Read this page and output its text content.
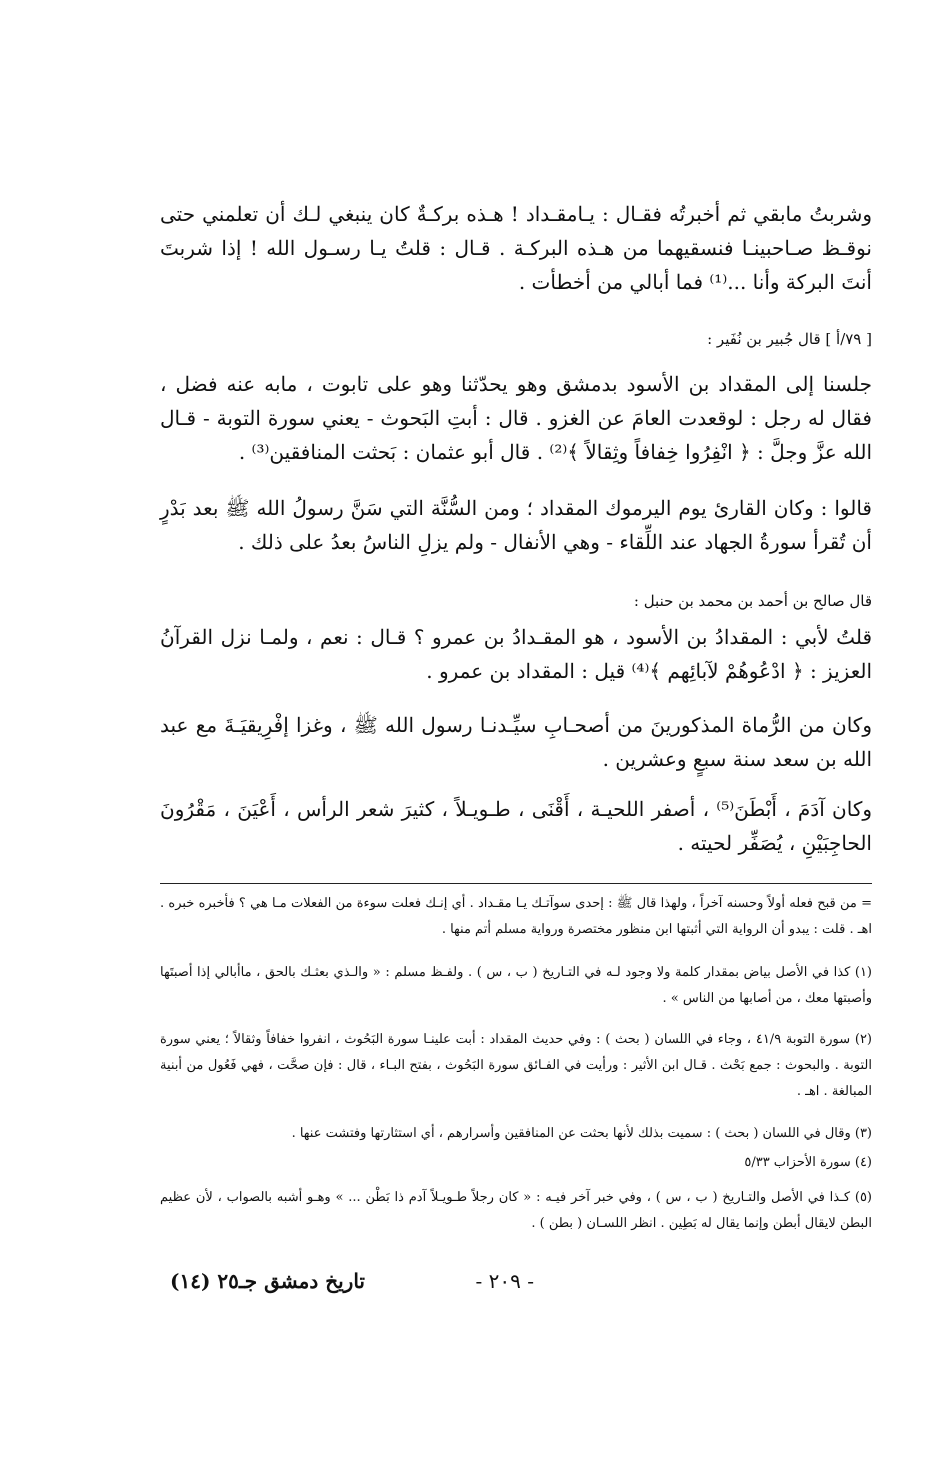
وشربتُ مابقي ثم أخبرتُه فقـال : يـامقـداد ! هـذه بركـةٌ كان ينبغي لـك أن تعلمني حتى نوقـظ صـاحبينـا فنسقيهما من هـذه البركـة . قـال : قلتُ يـا رسـول الله ! إذا شربتَ أنتَ البركة وأنا ...⁽¹⁾ فما أبالي من أخطأت .

[ ٧٩/أ ] قال جُبير بن نُفَير :

جلسنا إلى المقداد بن الأسود بدمشق وهو يحدّثنا وهو على تابوت ، مابه عنه فضل ، فقال له رجل : لوقعدت العامَ عن الغزو . قال : أبتِ البَحوث - يعني سورة التوبة - قـال الله عزَّ وجلَّ : ﴿ انْفِرُوا خِفافاً وثِقالاً ﴾⁽²⁾ . قال أبو عثمان : بَحثت المنافقين⁽³⁾ .

قالوا : وكان القارئ يوم اليرموك المقداد ؛ ومن السُّنَّة التي سَنَّ رسولُ الله ﷺ بعد بَدْرٍ أن تُقرأ سورةُ الجهاد عند اللِّقاء - وهي الأنفال - ولم يزلِ الناسُ بعدُ على ذلك .

قال صالح بن أحمد بن محمد بن حنبل :

قلتُ لأبي : المقدادُ بن الأسود ، هو المقـدادُ بن عمرو ؟ قـال : نعم ، ولمـا نزل القرآنُ العزيز : ﴿ ادْعُوهُمْ لآبائِهم ﴾⁽⁴⁾ قيل : المقداد بن عمرو .

وكان من الرُّماة المذكورينَ من أصحـابِ سيِّـدنـا رسول الله ﷺ ، وغزا إفْرِيقيَـةَ مع عبد الله بن سعد سنة سبعٍ وعشرين .

وكان آدَمَ ، أَبْطَنَ⁽⁵⁾ ، أصفر اللحيـة ، أَقْنَى ، طـويـلاً ، كثيرَ شعر الرأس ، أَعْيَنَ ، مَقْرُونَ الحاجِبَيْنِ ، يُصَفِّر لحيته .

= من قبح فعله أولاً وحسنه آخراً ، ولهذا قال ﷺ : إحدى سوآتـك يـا مقـداد . أي إنـك فعلت سوءة من الفعلات مـا هي ؟ فأخبره خبره . اهـ . قلت : يبدو أن الرواية التي أثبتها ابن منظور مختصرة ورواية مسلم أتم منها .

(١) كذا في الأصل بياض بمقدار كلمة ولا وجود لـه في التـاريخ ( ب ، س ) . ولفـظ مسلم : « والـذي بعثـك بالحق ، ماأبالي إذا أصبتَها وأصبتها معك ، من أصابها من الناس » .

(٢) سورة التوبة ٤١/٩ ، وجاء في اللسان ( بحث ) : وفي حديث المقداد : أبت علينـا سورة البَحُوث ، انفروا خفافاً وثقالاً ؛ يعني سورة التوبة . والبحوث : جمع بَحْث . قـال ابن الأثير : ورأيت في الفـائق سورة البَحُوث ، بفتح البـاء ، قال : فإن صحَّت ، فهي فَعُول من أبنية المبالغة . اهـ .

(٣) وقال في اللسان ( بحث ) : سميت بذلك لأنها بحثت عن المنافقين وأسرارهم ، أي استثارتها وفتشت عنها .

(٤) سورة الأحزاب ٥/٣٣

(٥) كـذا في الأصل والتـاريخ ( ب ، س ) ، وفي خبر آخر فيـه : « كان رجلاً طـويـلاً آدم ذا بَطْن ... » وهـو أشبه بالصواب ، لأن عظيم البطن لايقال أبطن وإنما يقال له بَطِين . انظر اللسـان ( بطن ) .

تاريخ دمشق جـ٢٥ (١٤)	- ٢٠٩ -
